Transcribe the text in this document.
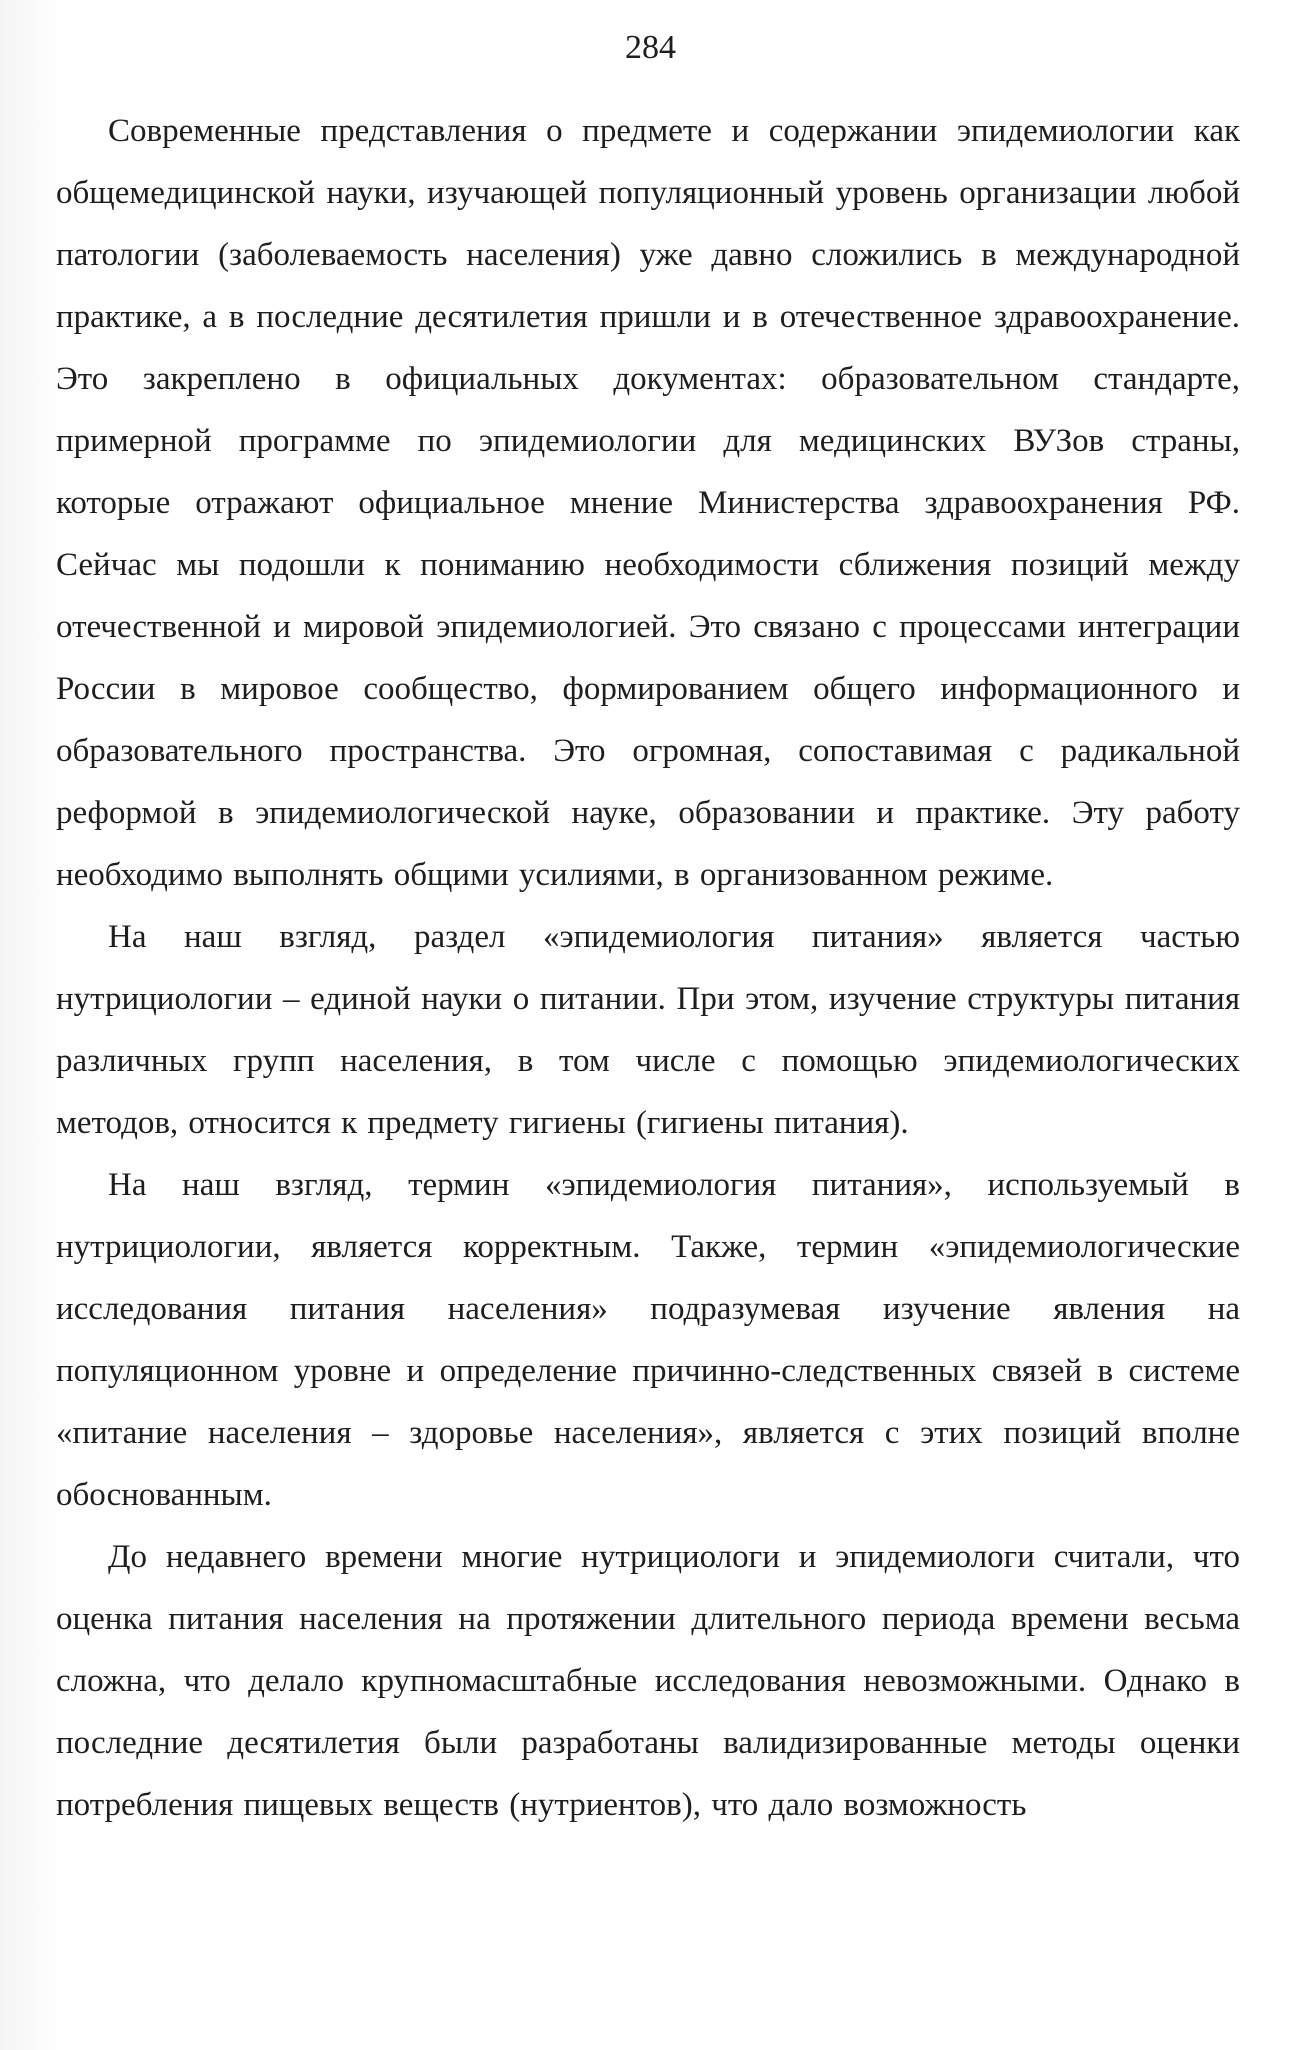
284

Современные представления о предмете и содержании эпидемиологии как общемедицинской науки, изучающей популяционный уровень организации любой патологии (заболеваемость населения) уже давно сложились в международной практике, а в последние десятилетия пришли и в отечественное здравоохранение. Это закреплено в официальных документах: образовательном стандарте, примерной программе по эпидемиологии для медицинских ВУЗов страны, которые отражают официальное мнение Министерства здравоохранения РФ. Сейчас мы подошли к пониманию необходимости сближения позиций между отечественной и мировой эпидемиологией. Это связано с процессами интеграции России в мировое сообщество, формированием общего информационного и образовательного пространства. Это огромная, сопоставимая с радикальной реформой в эпидемиологической науке, образовании и практике. Эту работу необходимо выполнять общими усилиями, в организованном режиме.

На наш взгляд, раздел «эпидемиология питания» является частью нутрициологии – единой науки о питании. При этом, изучение структуры питания различных групп населения, в том числе с помощью эпидемиологических методов, относится к предмету гигиены (гигиены питания).

На наш взгляд, термин «эпидемиология питания», используемый в нутрициологии, является корректным. Также, термин «эпидемиологические исследования питания населения» подразумевая изучение явления на популяционном уровне и определение причинно-следственных связей в системе «питание населения – здоровье населения», является с этих позиций вполне обоснованным.

До недавнего времени многие нутрициологи и эпидемиологи считали, что оценка питания населения на протяжении длительного периода времени весьма сложна, что делало крупномасштабные исследования невозможными. Однако в последние десятилетия были разработаны валидизированные методы оценки потребления пищевых веществ (нутриентов), что дало возможность
